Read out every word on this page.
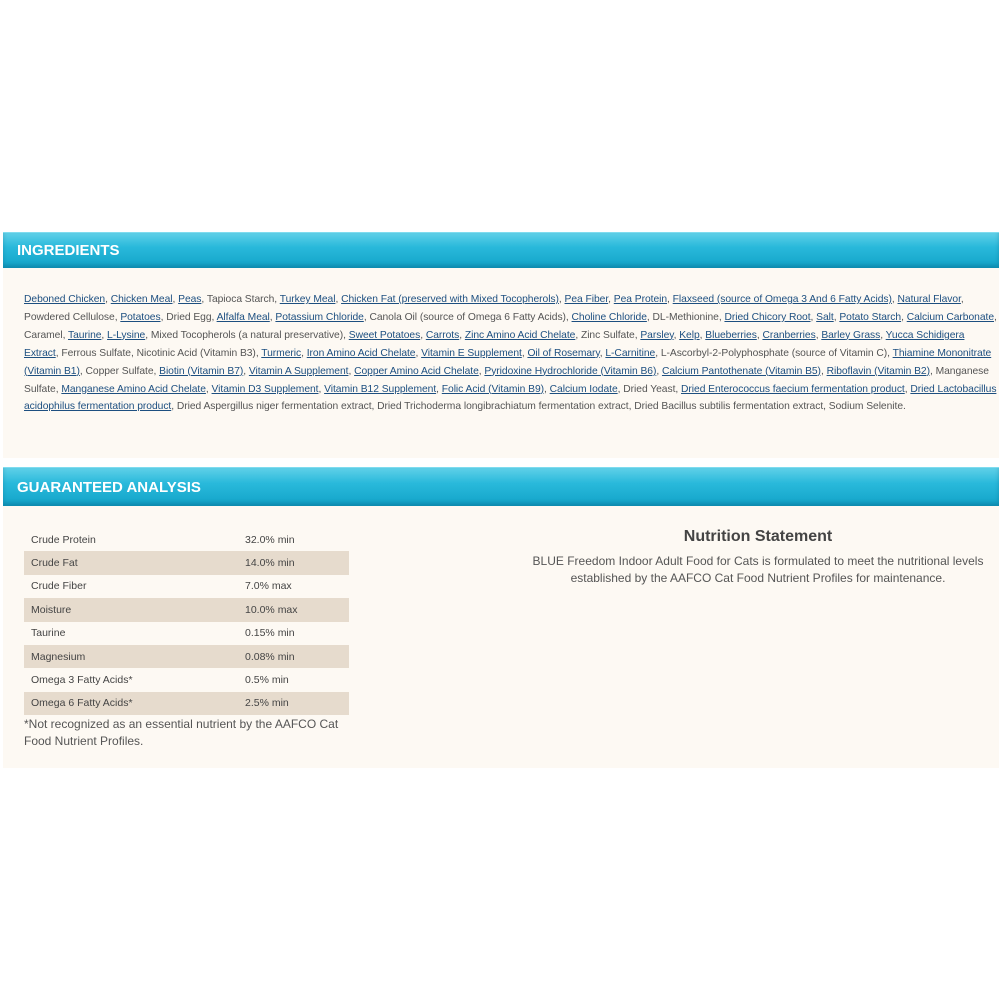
INGREDIENTS
Deboned Chicken, Chicken Meal, Peas, Tapioca Starch, Turkey Meal, Chicken Fat (preserved with Mixed Tocopherols), Pea Fiber, Pea Protein, Flaxseed (source of Omega 3 And 6 Fatty Acids), Natural Flavor, Powdered Cellulose, Potatoes, Dried Egg, Alfalfa Meal, Potassium Chloride, Canola Oil (source of Omega 6 Fatty Acids), Choline Chloride, DL-Methionine, Dried Chicory Root, Salt, Potato Starch, Calcium Carbonate, Caramel, Taurine, L-Lysine, Mixed Tocopherols (a natural preservative), Sweet Potatoes, Carrots, Zinc Amino Acid Chelate, Zinc Sulfate, Parsley, Kelp, Blueberries, Cranberries, Barley Grass, Yucca Schidigera Extract, Ferrous Sulfate, Nicotinic Acid (Vitamin B3), Turmeric, Iron Amino Acid Chelate, Vitamin E Supplement, Oil of Rosemary, L-Carnitine, L-Ascorbyl-2-Polyphosphate (source of Vitamin C), Thiamine Mononitrate (Vitamin B1), Copper Sulfate, Biotin (Vitamin B7), Vitamin A Supplement, Copper Amino Acid Chelate, Pyridoxine Hydrochloride (Vitamin B6), Calcium Pantothenate (Vitamin B5), Riboflavin (Vitamin B2), Manganese Sulfate, Manganese Amino Acid Chelate, Vitamin D3 Supplement, Vitamin B12 Supplement, Folic Acid (Vitamin B9), Calcium Iodate, Dried Yeast, Dried Enterococcus faecium fermentation product, Dried Lactobacillus acidophilus fermentation product, Dried Aspergillus niger fermentation extract, Dried Trichoderma longibrachiatum fermentation extract, Dried Bacillus subtilis fermentation extract, Sodium Selenite.
GUARANTEED ANALYSIS
Crude Protein	32.0% min
Crude Fat	14.0% min
Crude Fiber	7.0% max
Moisture	10.0% max
Taurine	0.15% min
Magnesium	0.08% min
Omega 3 Fatty Acids*	0.5% min
Omega 6 Fatty Acids*	2.5% min
*Not recognized as an essential nutrient by the AAFCO Cat Food Nutrient Profiles.
Nutrition Statement

BLUE Freedom Indoor Adult Food for Cats is formulated to meet the nutritional levels established by the AAFCO Cat Food Nutrient Profiles for maintenance.
